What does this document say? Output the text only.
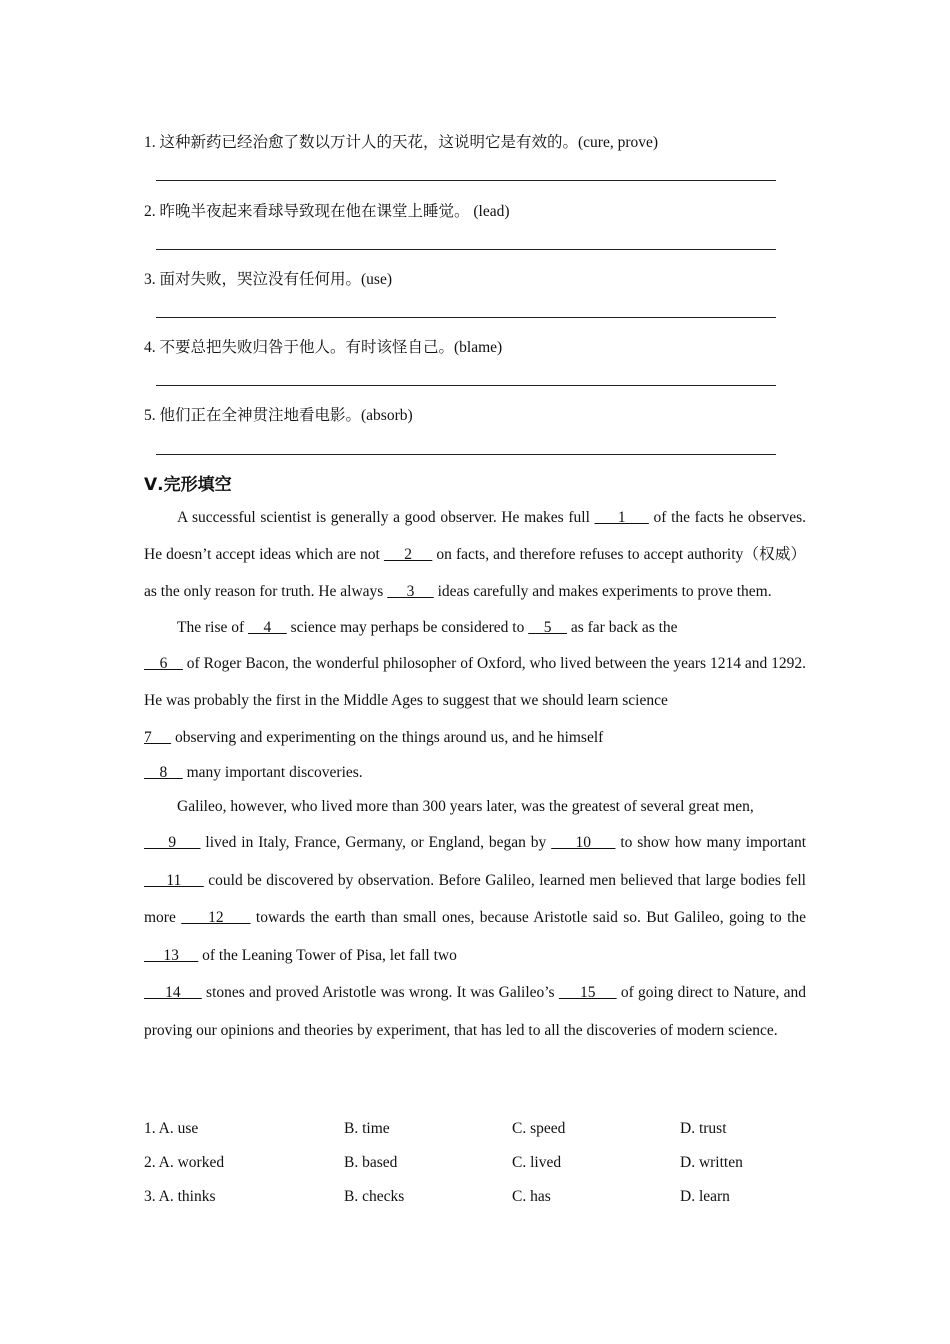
1. 这种新药已经治愈了数以万计人的天花，这说明它是有效的。(cure, prove)
2. 昨晚半夜起来看球导致现在他在课堂上睡觉。 (lead)
3. 面对失败，哭泣没有任何用。(use)
4. 不要总把失败归咎于他人。有时该怪自己。(blame)
5. 他们正在全神贯注地看电影。(absorb)
Ⅴ.完形填空

A successful scientist is generally a good observer. He makes full      1      of the facts he observes. He doesn’t accept ideas which are not      2      on facts, and therefore refuses to accept authority（权威）as the only reason for truth. He always      3      ideas carefully and makes experiments to prove them.

The rise of     4     science may perhaps be considered to     5     as far back as the

6     of Roger Bacon, the wonderful philosopher of Oxford, who lived between the years 1214 and 1292. He was probably the first in the Middle Ages to suggest that we should learn science

7      observing and experimenting on the things around us, and he himself

8     many important discoveries.

Galileo, however, who lived more than 300 years later, was the greatest of several great men,

9      lived in Italy, France, Germany, or England, began by      10      to show how many important      11      could be discovered by observation. Before Galileo, learned men believed that large bodies fell more      12      towards the earth than small ones, because Aristotle said so. But Galileo, going to the      13      of the Leaning Tower of Pisa, let fall two

14      stones and proved Aristotle was wrong. It was Galileo’s      15      of going direct to Nature, and proving our opinions and theories by experiment, that has led to all the discoveries of modern science.

1. A. use	B. time	C. speed	D. trust
2. A. worked	B. based	C. lived	D. written
3. A. thinks	B. checks	C. has	D. learn
